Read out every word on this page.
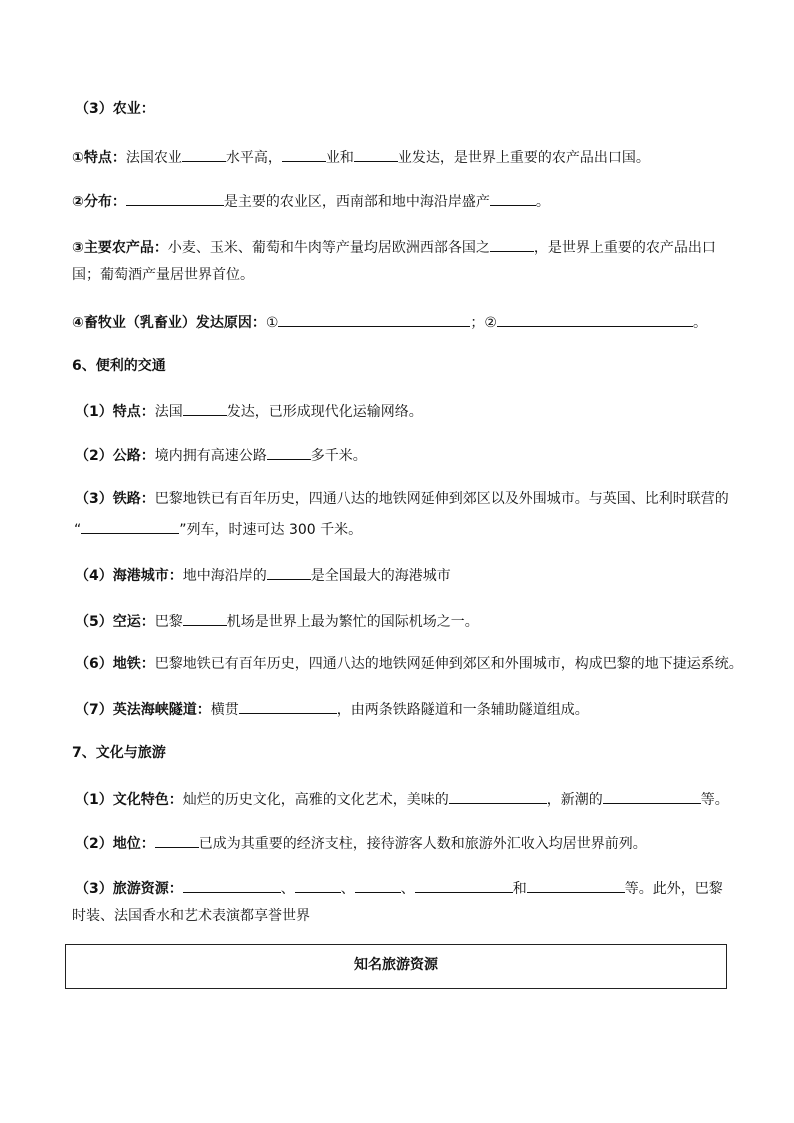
（3）农业：
①特点：法国农业	水平高，	业和	业发达，是世界上重要的农产品出口国。
②分布：	是主要的农业区，西南部和地中海沿岸盛产	。
③主要农产品：小麦、玉米、葡萄和牛肉等产量均居欧洲西部各国之	，是世界上重要的农产品出口
国；葡萄酒产量居世界首位。
④畜牧业（乳畜业）发达原因：①	；②	。
6、便利的交通
（1）特点：法国	发达，已形成现代化运输网络。
（2）公路：境内拥有高速公路	多千米。
（3）铁路：巴黎地铁已有百年历史，四通八达的地铁网延伸到郊区以及外围城市。与英国、比利时联营的
“	”列车，时速可达 300 千米。
（4）海港城市：地中海沿岸的	是全国最大的海港城市
（5）空运：巴黎	机场是世界上最为繁忙的国际机场之一。
（6）地铁：巴黎地铁已有百年历史，四通八达的地铁网延伸到郊区和外围城市，构成巴黎的地下捷运系统。
（7）英法海峡隧道：横贯	，由两条铁路隧道和一条辅助隧道组成。
7、文化与旅游
（1）文化特色：灿烂的历史文化，高雅的文化艺术，美味的	，新潮的	等。
（2）地位：	已成为其重要的经济支柱，接待游客人数和旅游外汇收入均居世界前列。
（3）旅游资源：	、	、	、	和	等。此外，巴黎
时装、法国香水和艺术表演都享誉世界
知名旅游资源
